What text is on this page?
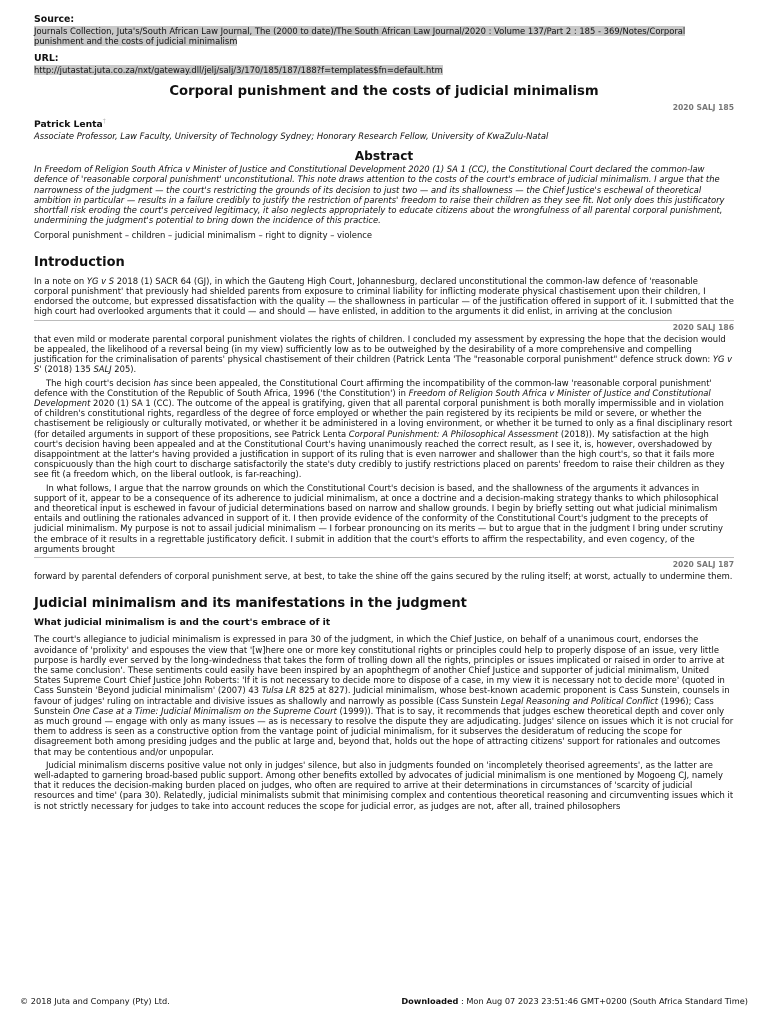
Source:
Journals Collection, Juta's/South African Law Journal, The (2000 to date)/The South African Law Journal/2020 : Volume 137/Part 2 : 185 - 369/Notes/Corporal punishment and the costs of judicial minimalism
URL:
http://jutastat.juta.co.za/nxt/gateway.dll/jelj/salj/3/170/185/187/188?f=templates$fn=default.htm
Corporal punishment and the costs of judicial minimalism
2020 SALJ 185
Patrick Lenta†
Associate Professor, Law Faculty, University of Technology Sydney; Honorary Research Fellow, University of KwaZulu-Natal
Abstract

In Freedom of Religion South Africa v Minister of Justice and Constitutional Development 2020 (1) SA 1 (CC), the Constitutional Court declared the common-law defence of 'reasonable corporal punishment' unconstitutional. This note draws attention to the costs of the court's embrace of judicial minimalism. I argue that the narrowness of the judgment — the court's restricting the grounds of its decision to just two — and its shallowness — the Chief Justice's eschewal of theoretical ambition in particular — results in a failure credibly to justify the restriction of parents' freedom to raise their children as they see fit. Not only does this justificatory shortfall risk eroding the court's perceived legitimacy, it also neglects appropriately to educate citizens about the wrongfulness of all parental corporal punishment, undermining the judgment's potential to bring down the incidence of this practice.

Corporal punishment – children – judicial minimalism – right to dignity – violence

Introduction

In a note on YG v S 2018 (1) SACR 64 (GJ), in which the Gauteng High Court, Johannesburg, declared unconstitutional the common-law defence of 'reasonable corporal punishment' that previously had shielded parents from exposure to criminal liability for inflicting moderate physical chastisement upon their children, I endorsed the outcome, but expressed dissatisfaction with the quality — the shallowness in particular — of the justification offered in support of it. I submitted that the high court had overlooked arguments that it could — and should — have enlisted, in addition to the arguments it did enlist, in arriving at the conclusion

2020 SALJ 186

that even mild or moderate parental corporal punishment violates the rights of children. I concluded my assessment by expressing the hope that the decision would be appealed, the likelihood of a reversal being (in my view) sufficiently low as to be outweighed by the desirability of a more comprehensive and compelling justification for the criminalisation of parents' physical chastisement of their children (Patrick Lenta 'The "reasonable corporal punishment" defence struck down: YG v S' (2018) 135 SALJ 205).

The high court's decision has since been appealed, the Constitutional Court affirming the incompatibility of the common-law 'reasonable corporal punishment' defence with the Constitution of the Republic of South Africa, 1996 ('the Constitution') in Freedom of Religion South Africa v Minister of Justice and Constitutional Development 2020 (1) SA 1 (CC). The outcome of the appeal is gratifying, given that all parental corporal punishment is both morally impermissible and in violation of children's constitutional rights, regardless of the degree of force employed or whether the pain registered by its recipients be mild or severe, or whether the chastisement be religiously or culturally motivated, or whether it be administered in a loving environment, or whether it be turned to only as a final disciplinary resort (for detailed arguments in support of these propositions, see Patrick Lenta Corporal Punishment: A Philosophical Assessment (2018)). My satisfaction at the high court's decision having been appealed and at the Constitutional Court's having unanimously reached the correct result, as I see it, is, however, overshadowed by disappointment at the latter's having provided a justification in support of its ruling that is even narrower and shallower than the high court's, so that it fails more conspicuously than the high court to discharge satisfactorily the state's duty credibly to justify restrictions placed on parents' freedom to raise their children as they see fit (a freedom which, on the liberal outlook, is far-reaching).

In what follows, I argue that the narrow grounds on which the Constitutional Court's decision is based, and the shallowness of the arguments it advances in support of it, appear to be a consequence of its adherence to judicial minimalism, at once a doctrine and a decision-making strategy thanks to which philosophical and theoretical input is eschewed in favour of judicial determinations based on narrow and shallow grounds. I begin by briefly setting out what judicial minimalism entails and outlining the rationales advanced in support of it. I then provide evidence of the conformity of the Constitutional Court's judgment to the precepts of judicial minimalism. My purpose is not to assail judicial minimalism — I forbear pronouncing on its merits — but to argue that in the judgment I bring under scrutiny the embrace of it results in a regrettable justificatory deficit. I submit in addition that the court's efforts to affirm the respectability, and even cogency, of the arguments brought

2020 SALJ 187

forward by parental defenders of corporal punishment serve, at best, to take the shine off the gains secured by the ruling itself; at worst, actually to undermine them.

Judicial minimalism and its manifestations in the judgment
What judicial minimalism is and the court's embrace of it

The court's allegiance to judicial minimalism is expressed in para 30 of the judgment, in which the Chief Justice, on behalf of a unanimous court, endorses the avoidance of 'prolixity' and espouses the view that '[w]here one or more key constitutional rights or principles could help to properly dispose of an issue, very little purpose is hardly ever served by the long-windedness that takes the form of trolling down all the rights, principles or issues implicated or raised in order to arrive at the same conclusion'. These sentiments could easily have been inspired by an apophthegm of another Chief Justice and supporter of judicial minimalism, United States Supreme Court Chief Justice John Roberts: 'If it is not necessary to decide more to dispose of a case, in my view it is necessary not to decide more' (quoted in Cass Sunstein 'Beyond judicial minimalism' (2007) 43 Tulsa LR 825 at 827). Judicial minimalism, whose best-known academic proponent is Cass Sunstein, counsels in favour of judges' ruling on intractable and divisive issues as shallowly and narrowly as possible (Cass Sunstein Legal Reasoning and Political Conflict (1996); Cass Sunstein One Case at a Time: Judicial Minimalism on the Supreme Court (1999)). That is to say, it recommends that judges eschew theoretical depth and cover only as much ground — engage with only as many issues — as is necessary to resolve the dispute they are adjudicating. Judges' silence on issues which it is not crucial for them to address is seen as a constructive option from the vantage point of judicial minimalism, for it subserves the desideratum of reducing the scope for disagreement both among presiding judges and the public at large and, beyond that, holds out the hope of attracting citizens' support for rationales and outcomes that may be contentious and/or unpopular.

Judicial minimalism discerns positive value not only in judges' silence, but also in judgments founded on 'incompletely theorised agreements', as the latter are well-adapted to garnering broad-based public support. Among other benefits extolled by advocates of judicial minimalism is one mentioned by Mogoeng CJ, namely that it reduces the decision-making burden placed on judges, who often are required to arrive at their determinations in circumstances of 'scarcity of judicial resources and time' (para 30). Relatedly, judicial minimalists submit that minimising complex and contentious theoretical reasoning and circumventing issues which it is not strictly necessary for judges to take into account reduces the scope for judicial error, as judges are not, after all, trained philosophers

© 2018 Juta and Company (Pty) Ltd.	Downloaded : Mon Aug 07 2023 23:51:46 GMT+0200 (South Africa Standard Time)
